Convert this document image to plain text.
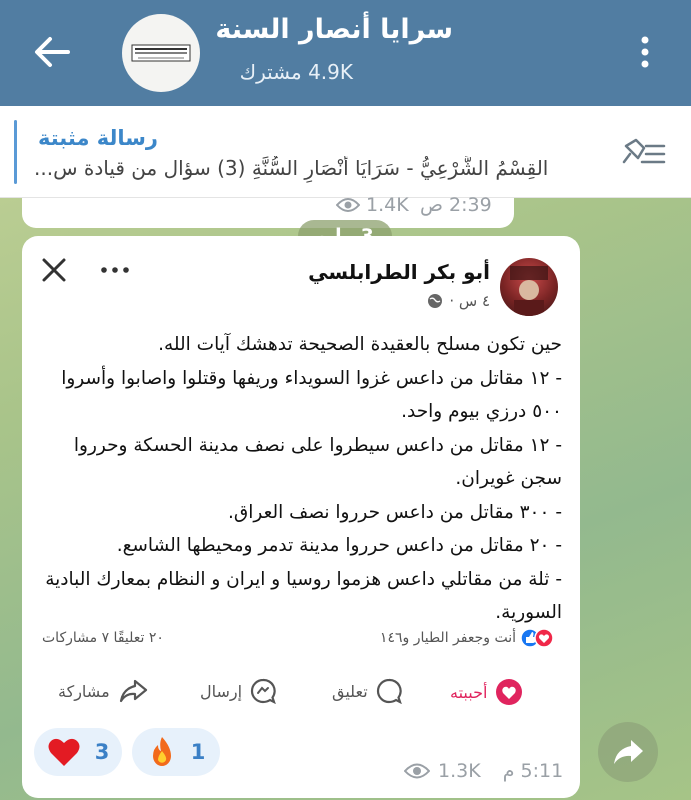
سرايا أنصار السنة
4.9K مشترك
رسالة مثبتة
القِسْمُ الشَّرْعِيُّ - سَرَايَا أَنْصَارِ السُّنَّةِ (3) سؤال من قيادة س...
1.4K 2:39 ص
أبو بكر الطرابلسي
٤ س ·

حين تكون مسلح بالعقيدة الصحيحة تدهشك آيات الله.

- ١٢ مقاتل من داعس غزوا السويداء وريفها وقتلوا واصابوا وأسروا ٥٠٠ درزي بيوم واحد.

- ١٢ مقاتل من داعس سيطروا على نصف مدينة الحسكة وحرروا سجن غويران.

- ٣٠٠ مقاتل من داعس حرروا نصف العراق.

- ٢٠ مقاتل من داعس حرروا مدينة تدمر ومحيطها الشاسع.

- ثلة من مقاتلي داعس هزموا روسيا و ايران و النظام بمعارك البادية السورية.

أنت وجعفر الطيار و١٤٦
٢٠ تعليقًا ٧ مشاركات
أحببته
تعليق
إرسال
مشاركة
3	1
1.3K 5:11 م
